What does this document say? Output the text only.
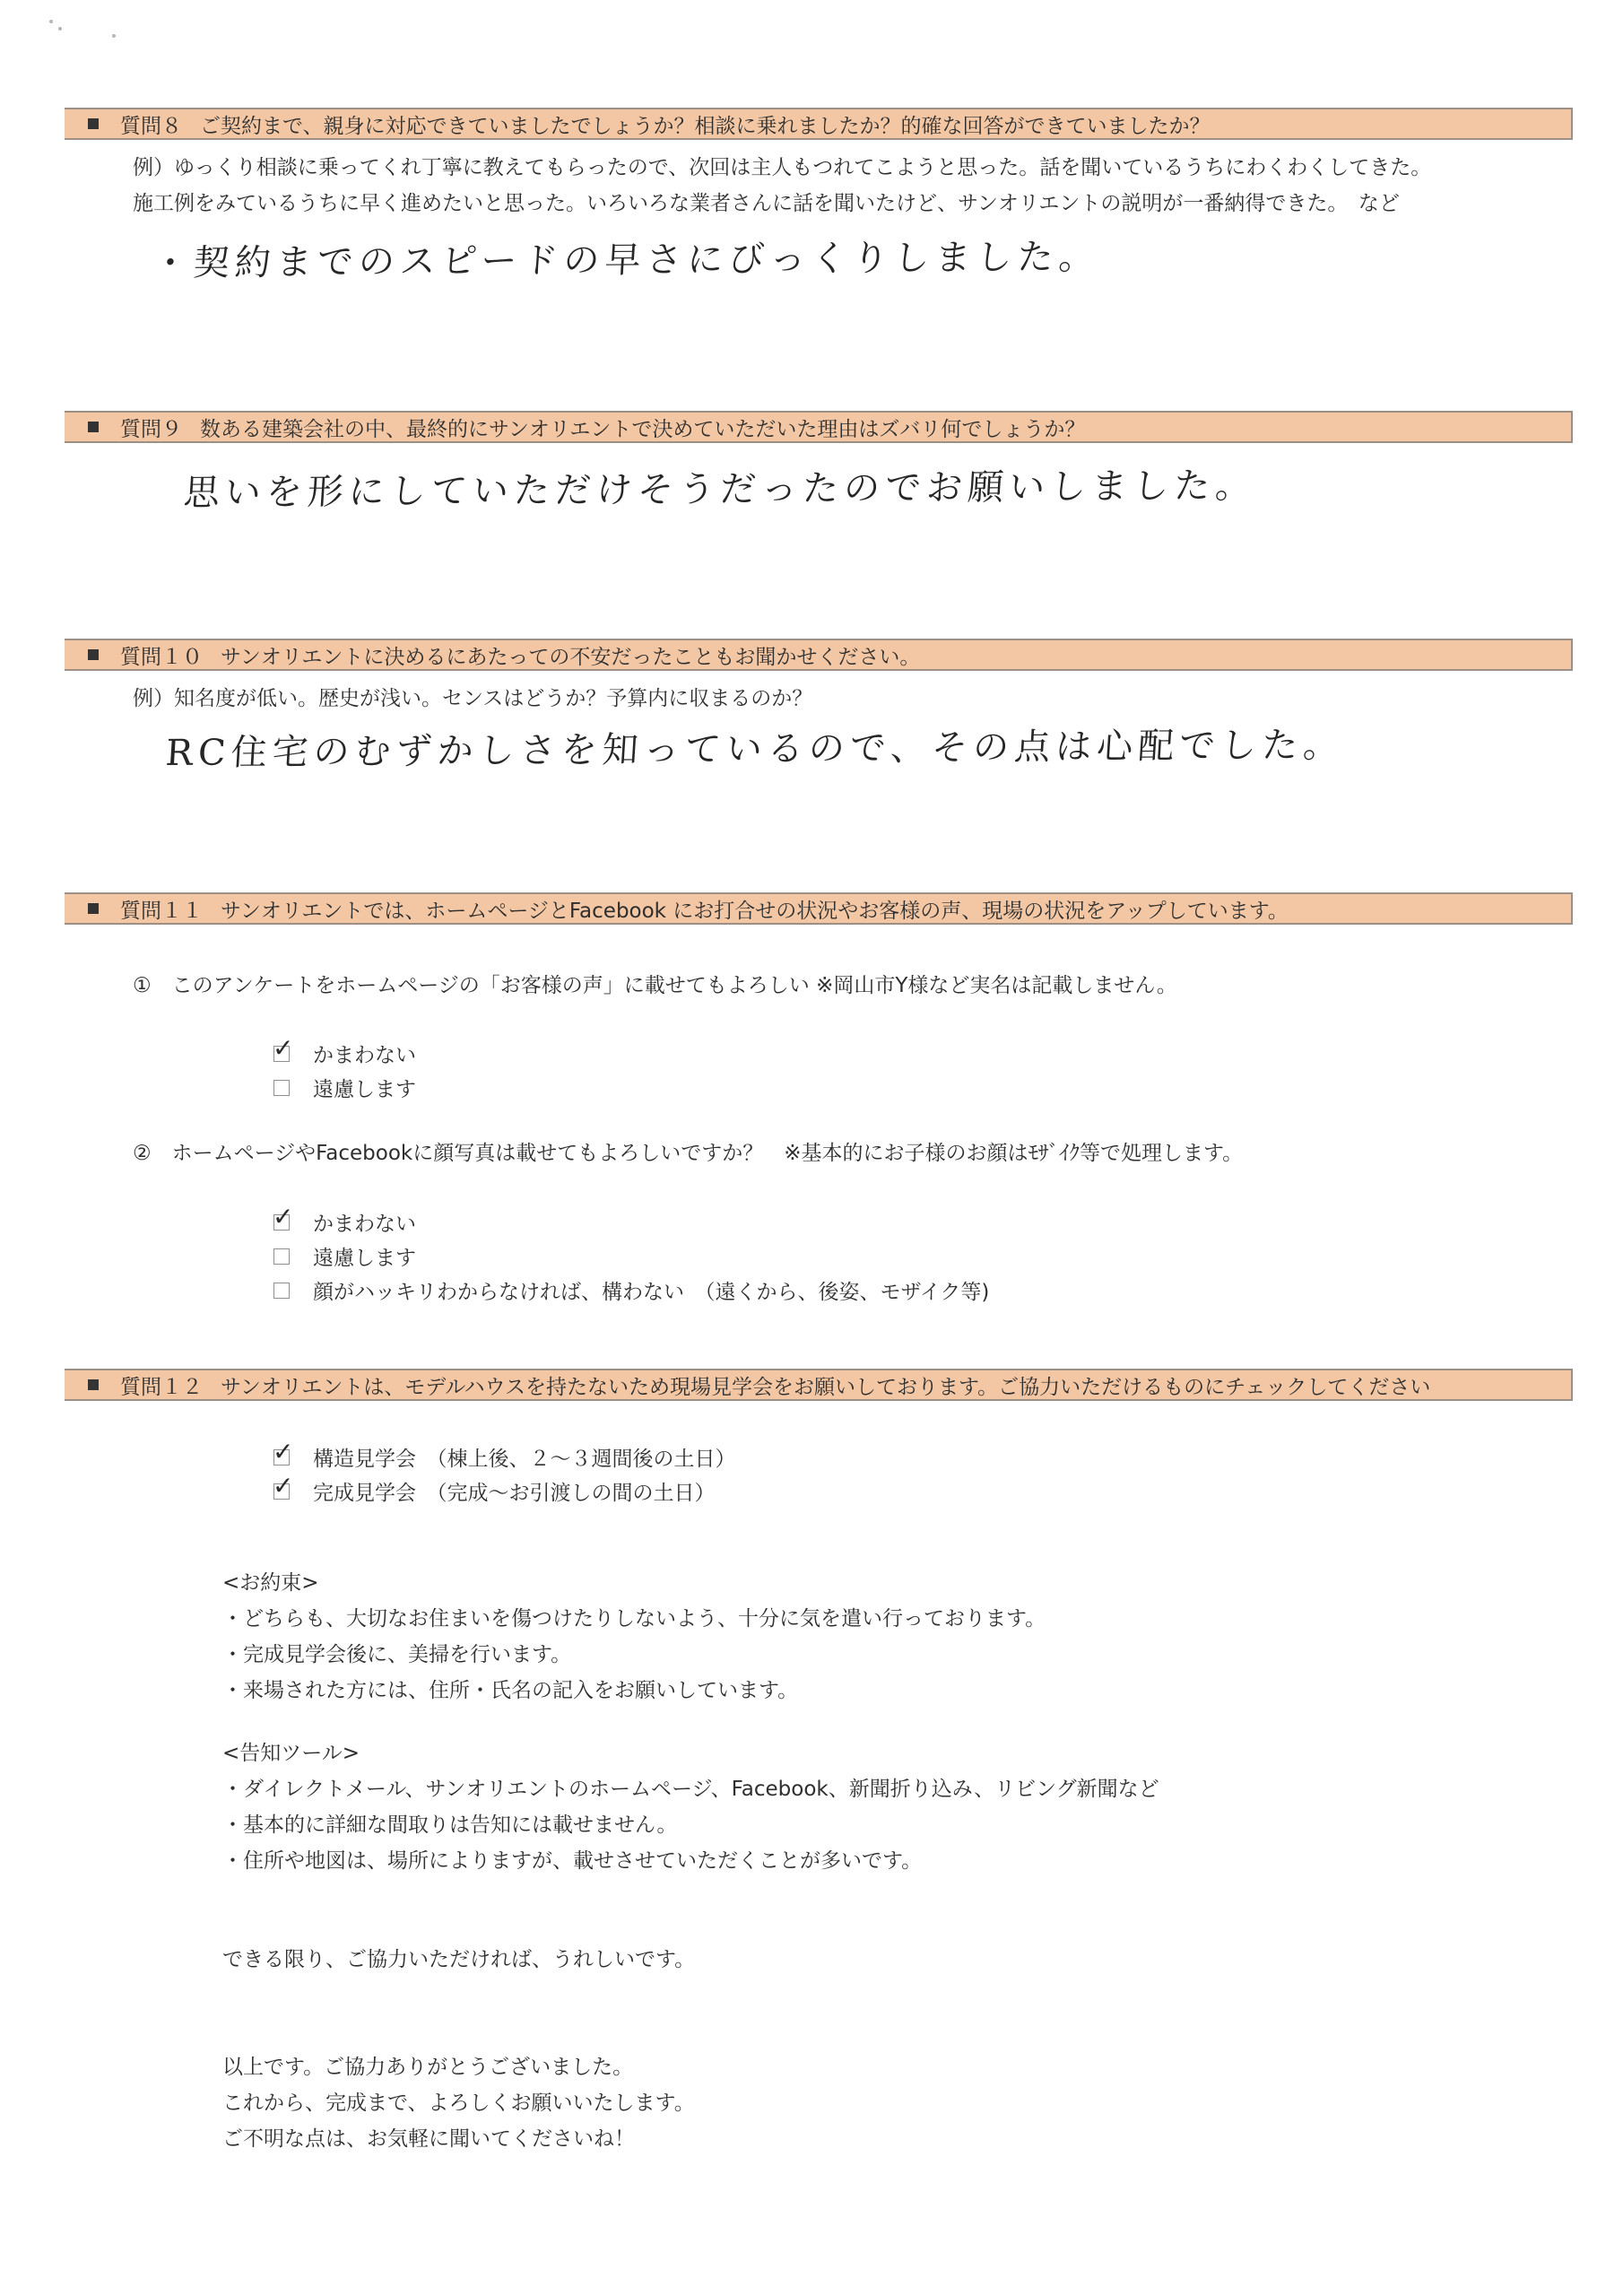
質問８ ご契約まで、親身に対応できていましたでしょうか？相談に乗れましたか？的確な回答ができていましたか？
例）ゆっくり相談に乗ってくれ丁寧に教えてもらったので、次回は主人もつれてこようと思った。話を聞いているうちにわくわくしてきた。
施工例をみているうちに早く進めたいと思った。いろいろな業者さんに話を聞いたけど、サンオリエントの説明が一番納得できた。　など
・契約までのスピードの早さにびっくりしました。
質問９ 数ある建築会社の中、最終的にサンオリエントで決めていただいた理由はズバリ何でしょうか？
思いを形にしていただけそうだったのでお願いしました。
質問１０ サンオリエントに決めるにあたっての不安だったこともお聞かせください。
例）知名度が低い。歴史が浅い。センスはどうか？予算内に収まるのか？
RC住宅のむずかしさを知っているので、その点は心配でした。
質問１１ サンオリエントでは、ホームページとFacebook にお打合せの状況やお客様の声、現場の状況をアップしています。
①　このアンケートをホームページの「お客様の声」に載せてもよろしい ※岡山市Y様など実名は記載しません。
✓ かまわない
遠慮します
②　ホームページやFacebookに顔写真は載せてもよろしいですか？　※基本的にお子様のお顔はﾓｻﾞｲｸ等で処理します。
✓ かまわない
遠慮します
顔がハッキリわからなければ、構わない　（遠くから、後姿、モザイク等)
質問１２ サンオリエントは、モデルハウスを持たないため現場見学会をお願いしております。ご協力いただけるものにチェックしてください
✓ 構造見学会　（棟上後、２～３週間後の土日）
✓ 完成見学会　（完成～お引渡しの間の土日）
<お約束>
・どちらも、大切なお住まいを傷つけたりしないよう、十分に気を遣い行っております。
・完成見学会後に、美掃を行います。
・来場された方には、住所・氏名の記入をお願いしています。
<告知ツール>
・ダイレクトメール、サンオリエントのホームページ、Facebook、新聞折り込み、リビング新聞など
・基本的に詳細な間取りは告知には載せません。
・住所や地図は、場所によりますが、載せさせていただくことが多いです。
できる限り、ご協力いただければ、うれしいです。
以上です。ご協力ありがとうございました。
これから、完成まで、よろしくお願いいたします。
ご不明な点は、お気軽に聞いてくださいね！
